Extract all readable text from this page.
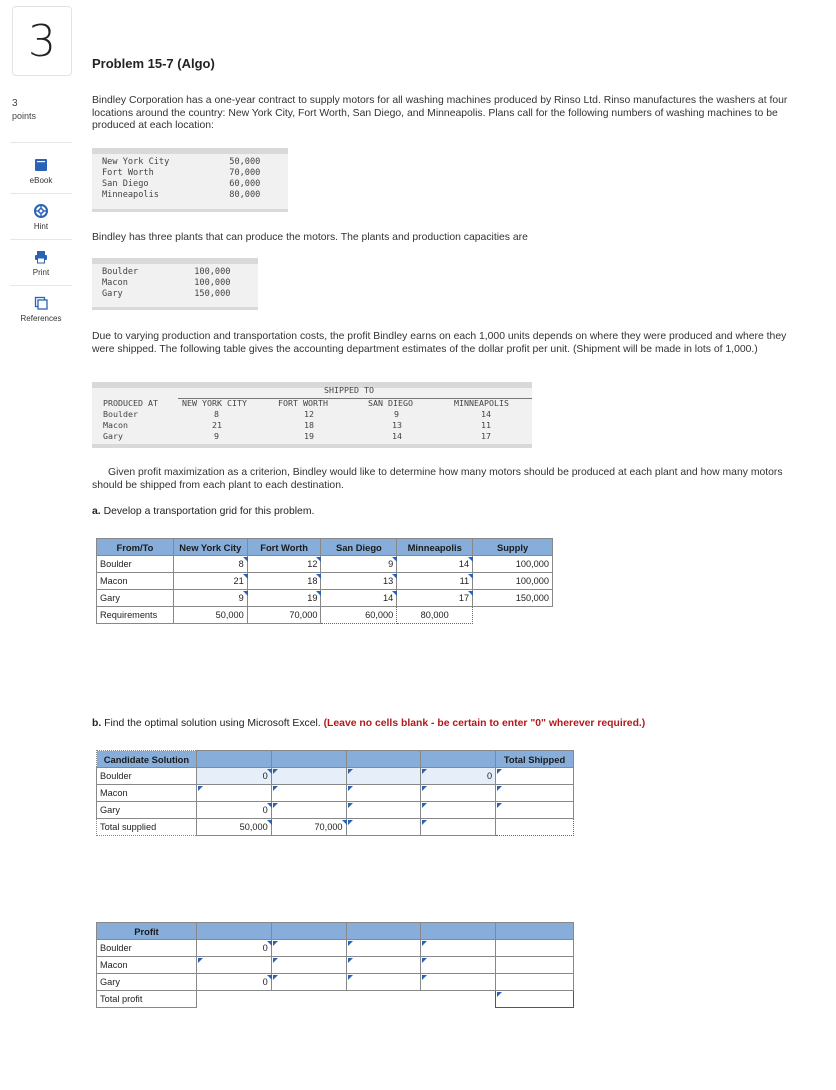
3
3
points
eBook
Hint
Print
References
Problem 15-7 (Algo)
Bindley Corporation has a one-year contract to supply motors for all washing machines produced by Rinso Ltd. Rinso manufactures the washers at four locations around the country: New York City, Fort Worth, San Diego, and Minneapolis. Plans call for the following numbers of washing machines to be produced at each location:
New York City	50,000
Fort Worth	70,000
San Diego	60,000
Minneapolis	80,000
Bindley has three plants that can produce the motors. The plants and production capacities are
Boulder	100,000
Macon	100,000
Gary	150,000
Due to varying production and transportation costs, the profit Bindley earns on each 1,000 units depends on where they were produced and where they were shipped. The following table gives the accounting department estimates of the dollar profit per unit. (Shipment will be made in lots of 1,000.)
SHIPPED TO
PRODUCED AT	NEW YORK CITY	FORT WORTH	SAN DIEGO	MINNEAPOLIS
Boulder	8	12	9	14
Macon	21	18	13	11
Gary	9	19	14	17
Given profit maximization as a criterion, Bindley would like to determine how many motors should be produced at each plant and how many motors should be shipped from each plant to each destination.
a. Develop a transportation grid for this problem.
From/To	New York City	Fort Worth	San Diego	Minneapolis	Supply
Boulder	8	12	9	14	100,000
Macon	21	18	13	11	100,000
Gary	9	19	14	17	150,000
Requirements	50,000	70,000	60,000	80,000	
b. Find the optimal solution using Microsoft Excel. (Leave no cells blank - be certain to enter "0" wherever required.)
Candidate Solution					Total Shipped
Boulder	0			0	
Macon					
Gary	0				
Total supplied	50,000	70,000			
Profit					
Boulder	0				
Macon					
Gary	0				
Total profit					
